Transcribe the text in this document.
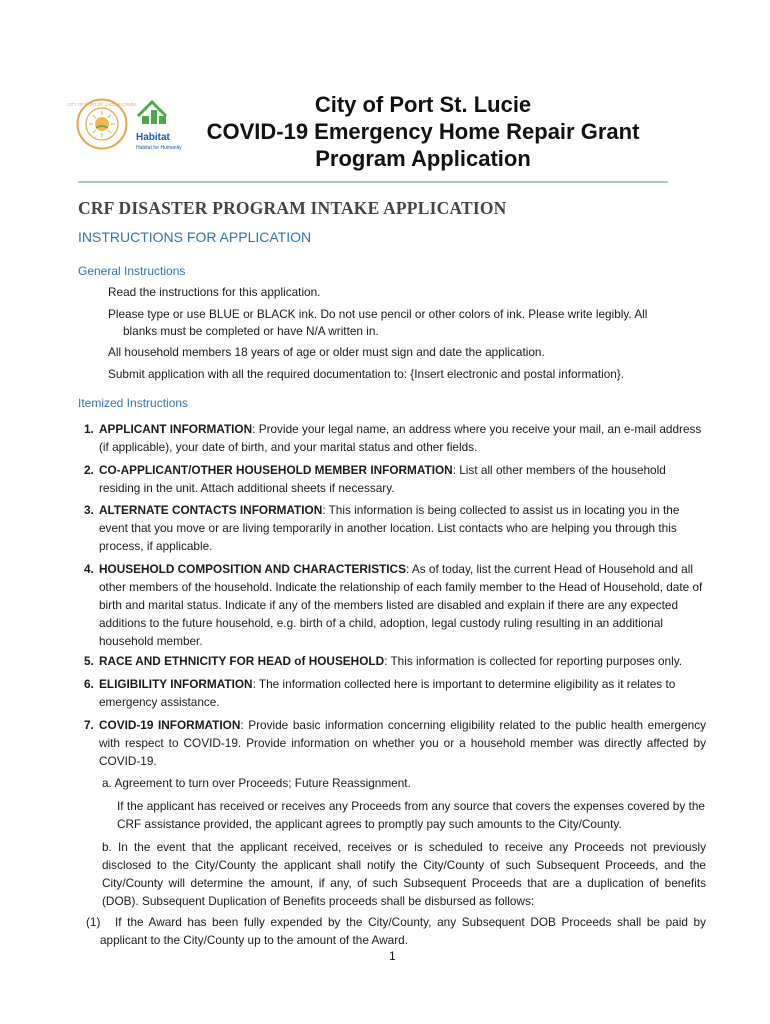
CITY OF PORT ST. LUCIE FLORIDA
Habitat
Habitat for Humanity
City of Port St. Lucie
COVID-19 Emergency Home Repair Grant
Program Application
CRF DISASTER PROGRAM INTAKE APPLICATION
INSTRUCTIONS FOR APPLICATION
General Instructions
Read the instructions for this application.
Please type or use BLUE or BLACK ink. Do not use pencil or other colors of ink. Please write legibly. All
blanks must be completed or have N/A written in.
All household members 18 years of age or older must sign and date the application.
Submit application with all the required documentation to: {Insert electronic and postal information}.
Itemized Instructions
1. APPLICANT INFORMATION: Provide your legal name, an address where you receive your mail, an e-mail address (if applicable), your date of birth, and your marital status and other fields.
2. CO-APPLICANT/OTHER HOUSEHOLD MEMBER INFORMATION: List all other members of the household residing in the unit. Attach additional sheets if necessary.
3. ALTERNATE CONTACTS INFORMATION: This information is being collected to assist us in locating you in the event that you move or are living temporarily in another location. List contacts who are helping you through this process, if applicable.
4. HOUSEHOLD COMPOSITION AND CHARACTERISTICS: As of today, list the current Head of Household and all other members of the household. Indicate the relationship of each family member to the Head of Household, date of birth and marital status. Indicate if any of the members listed are disabled and explain if there are any expected additions to the future household, e.g. birth of a child, adoption, legal custody ruling resulting in an additional household member.
5. RACE AND ETHNICITY FOR HEAD of HOUSEHOLD: This information is collected for reporting purposes only.
6. ELIGIBILITY INFORMATION: The information collected here is important to determine eligibility as it relates to emergency assistance.
7. COVID-19 INFORMATION: Provide basic information concerning eligibility related to the public health emergency with respect to COVID-19. Provide information on whether you or a household member was directly affected by COVID-19.
a. Agreement to turn over Proceeds; Future Reassignment.
If the applicant has received or receives any Proceeds from any source that covers the expenses covered by the CRF assistance provided, the applicant agrees to promptly pay such amounts to the City/County.
b. In the event that the applicant received, receives or is scheduled to receive any Proceeds not previously disclosed to the City/County the applicant shall notify the City/County of such Subsequent Proceeds, and the City/County will determine the amount, if any, of such Subsequent Proceeds that are a duplication of benefits (DOB). Subsequent Duplication of Benefits proceeds shall be disbursed as follows:
(1)	If the Award has been fully expended by the City/County, any Subsequent DOB Proceeds shall be paid by applicant to the City/County up to the amount of the Award.
1
